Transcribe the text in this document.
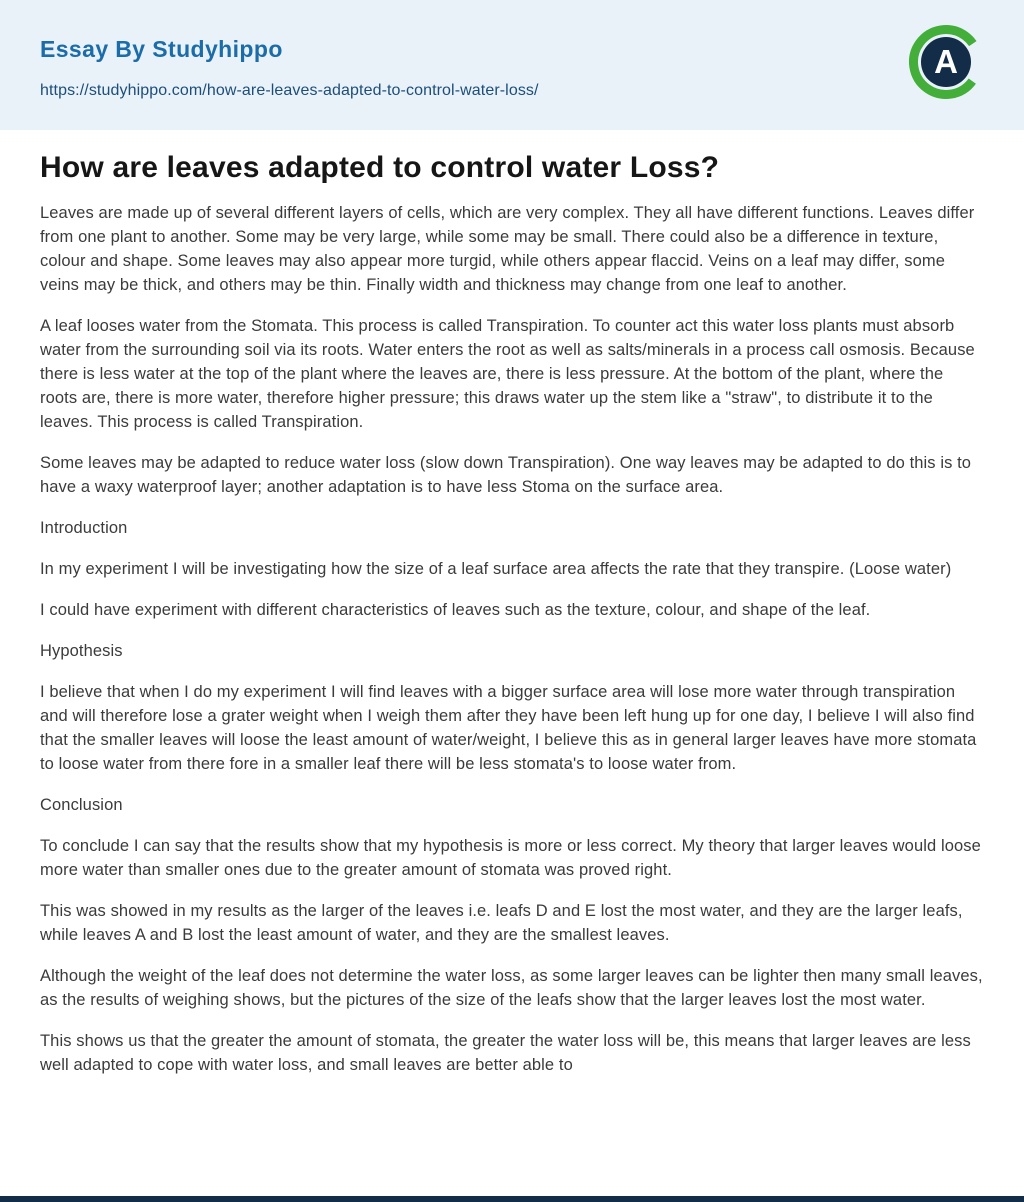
Essay By Studyhippo
https://studyhippo.com/how-are-leaves-adapted-to-control-water-loss/
A
How are leaves adapted to control water Loss?

Leaves are made up of several different layers of cells, which are very complex. They all have different functions. Leaves differ from one plant to another. Some may be very large, while some may be small. There could also be a difference in texture, colour and shape. Some leaves may also appear more turgid, while others appear flaccid. Veins on a leaf may differ, some veins may be thick, and others may be thin. Finally width and thickness may change from one leaf to another.

A leaf looses water from the Stomata. This process is called Transpiration. To counter act this water loss plants must absorb water from the surrounding soil via its roots. Water enters the root as well as salts/minerals in a process call osmosis. Because there is less water at the top of the plant where the leaves are, there is less pressure. At the bottom of the plant, where the roots are, there is more water, therefore higher pressure; this draws water up the stem like a "straw", to distribute it to the leaves. This process is called Transpiration.

Some leaves may be adapted to reduce water loss (slow down Transpiration). One way leaves may be adapted to do this is to have a waxy waterproof layer; another adaptation is to have less Stoma on the surface area.

Introduction

In my experiment I will be investigating how the size of a leaf surface area affects the rate that they transpire. (Loose water)

I could have experiment with different characteristics of leaves such as the texture, colour, and shape of the leaf.

Hypothesis

I believe that when I do my experiment I will find leaves with a bigger surface area will lose more water through transpiration and will therefore lose a grater weight when I weigh them after they have been left hung up for one day, I believe I will also find that the smaller leaves will loose the least amount of water/weight, I believe this as in general larger leaves have more stomata to loose water from there fore in a smaller leaf there will be less stomata's to loose water from.

Conclusion

To conclude I can say that the results show that my hypothesis is more or less correct. My theory that larger leaves would loose more water than smaller ones due to the greater amount of stomata was proved right.

This was showed in my results as the larger of the leaves i.e. leafs D and E lost the most water, and they are the larger leafs, while leaves A and B lost the least amount of water, and they are the smallest leaves.

Although the weight of the leaf does not determine the water loss, as some larger leaves can be lighter then many small leaves, as the results of weighing shows, but the pictures of the size of the leafs show that the larger leaves lost the most water.

This shows us that the greater the amount of stomata, the greater the water loss will be, this means that larger leaves are less well adapted to cope with water loss, and small leaves are better able to
